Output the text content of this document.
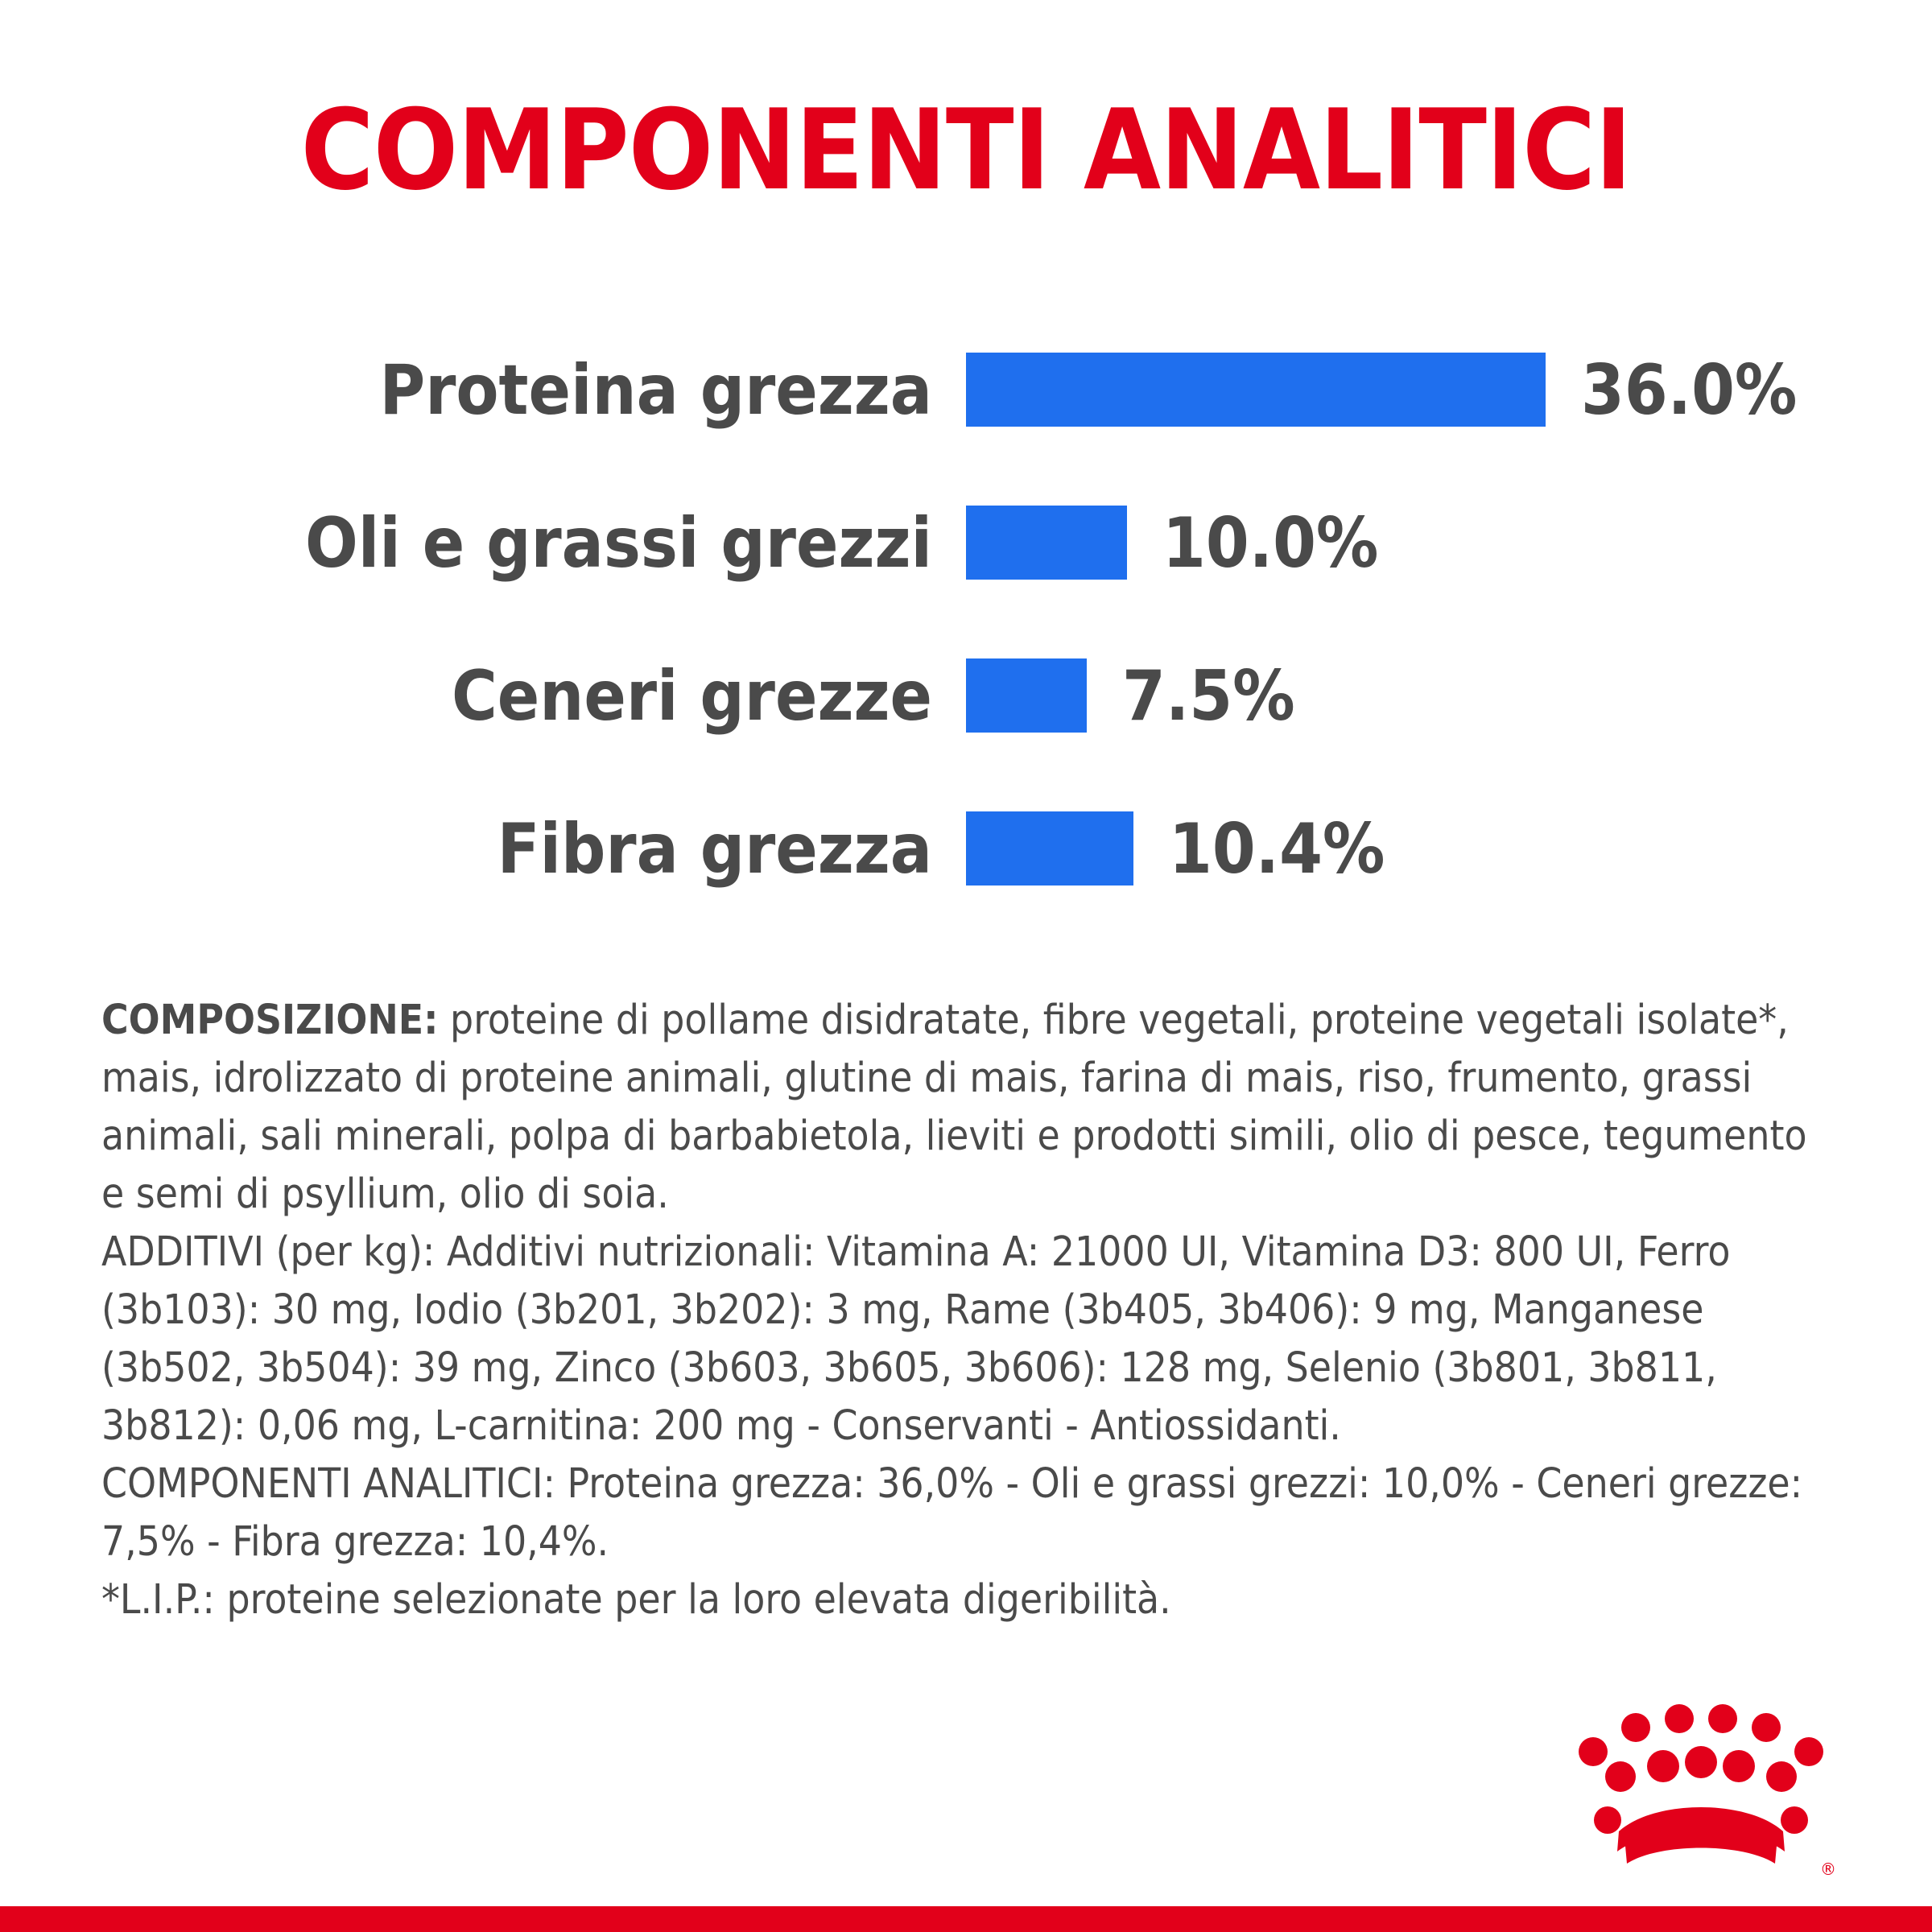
COMPONENTI ANALITICI
Proteina grezza	36.0%
Oli e grassi grezzi	10.0%
Ceneri grezze	7.5%
Fibra grezza	10.4%

COMPOSIZIONE: proteine di pollame disidratate, fibre vegetali, proteine vegetali isolate*, mais, idrolizzato di proteine animali, glutine di mais, farina di mais, riso, frumento, grassi animali, sali minerali, polpa di barbabietola, lieviti e prodotti simili, olio di pesce, tegumento e semi di psyllium, olio di soia.

ADDITIVI (per kg): Additivi nutrizionali: Vitamina A: 21000 UI, Vitamina D3: 800 UI, Ferro (3b103): 30 mg, Iodio (3b201, 3b202): 3 mg, Rame (3b405, 3b406): 9 mg, Manganese (3b502, 3b504): 39 mg, Zinco (3b603, 3b605, 3b606): 128 mg, Selenio (3b801, 3b811, 3b812): 0,06 mg, L-carnitina: 200 mg - Conservanti - Antiossidanti.

COMPONENTI ANALITICI: Proteina grezza: 36,0% - Oli e grassi grezzi: 10,0% - Ceneri grezze: 7,5% - Fibra grezza: 10,4%.

*L.I.P.: proteine selezionate per la loro elevata digeribilità.

®
